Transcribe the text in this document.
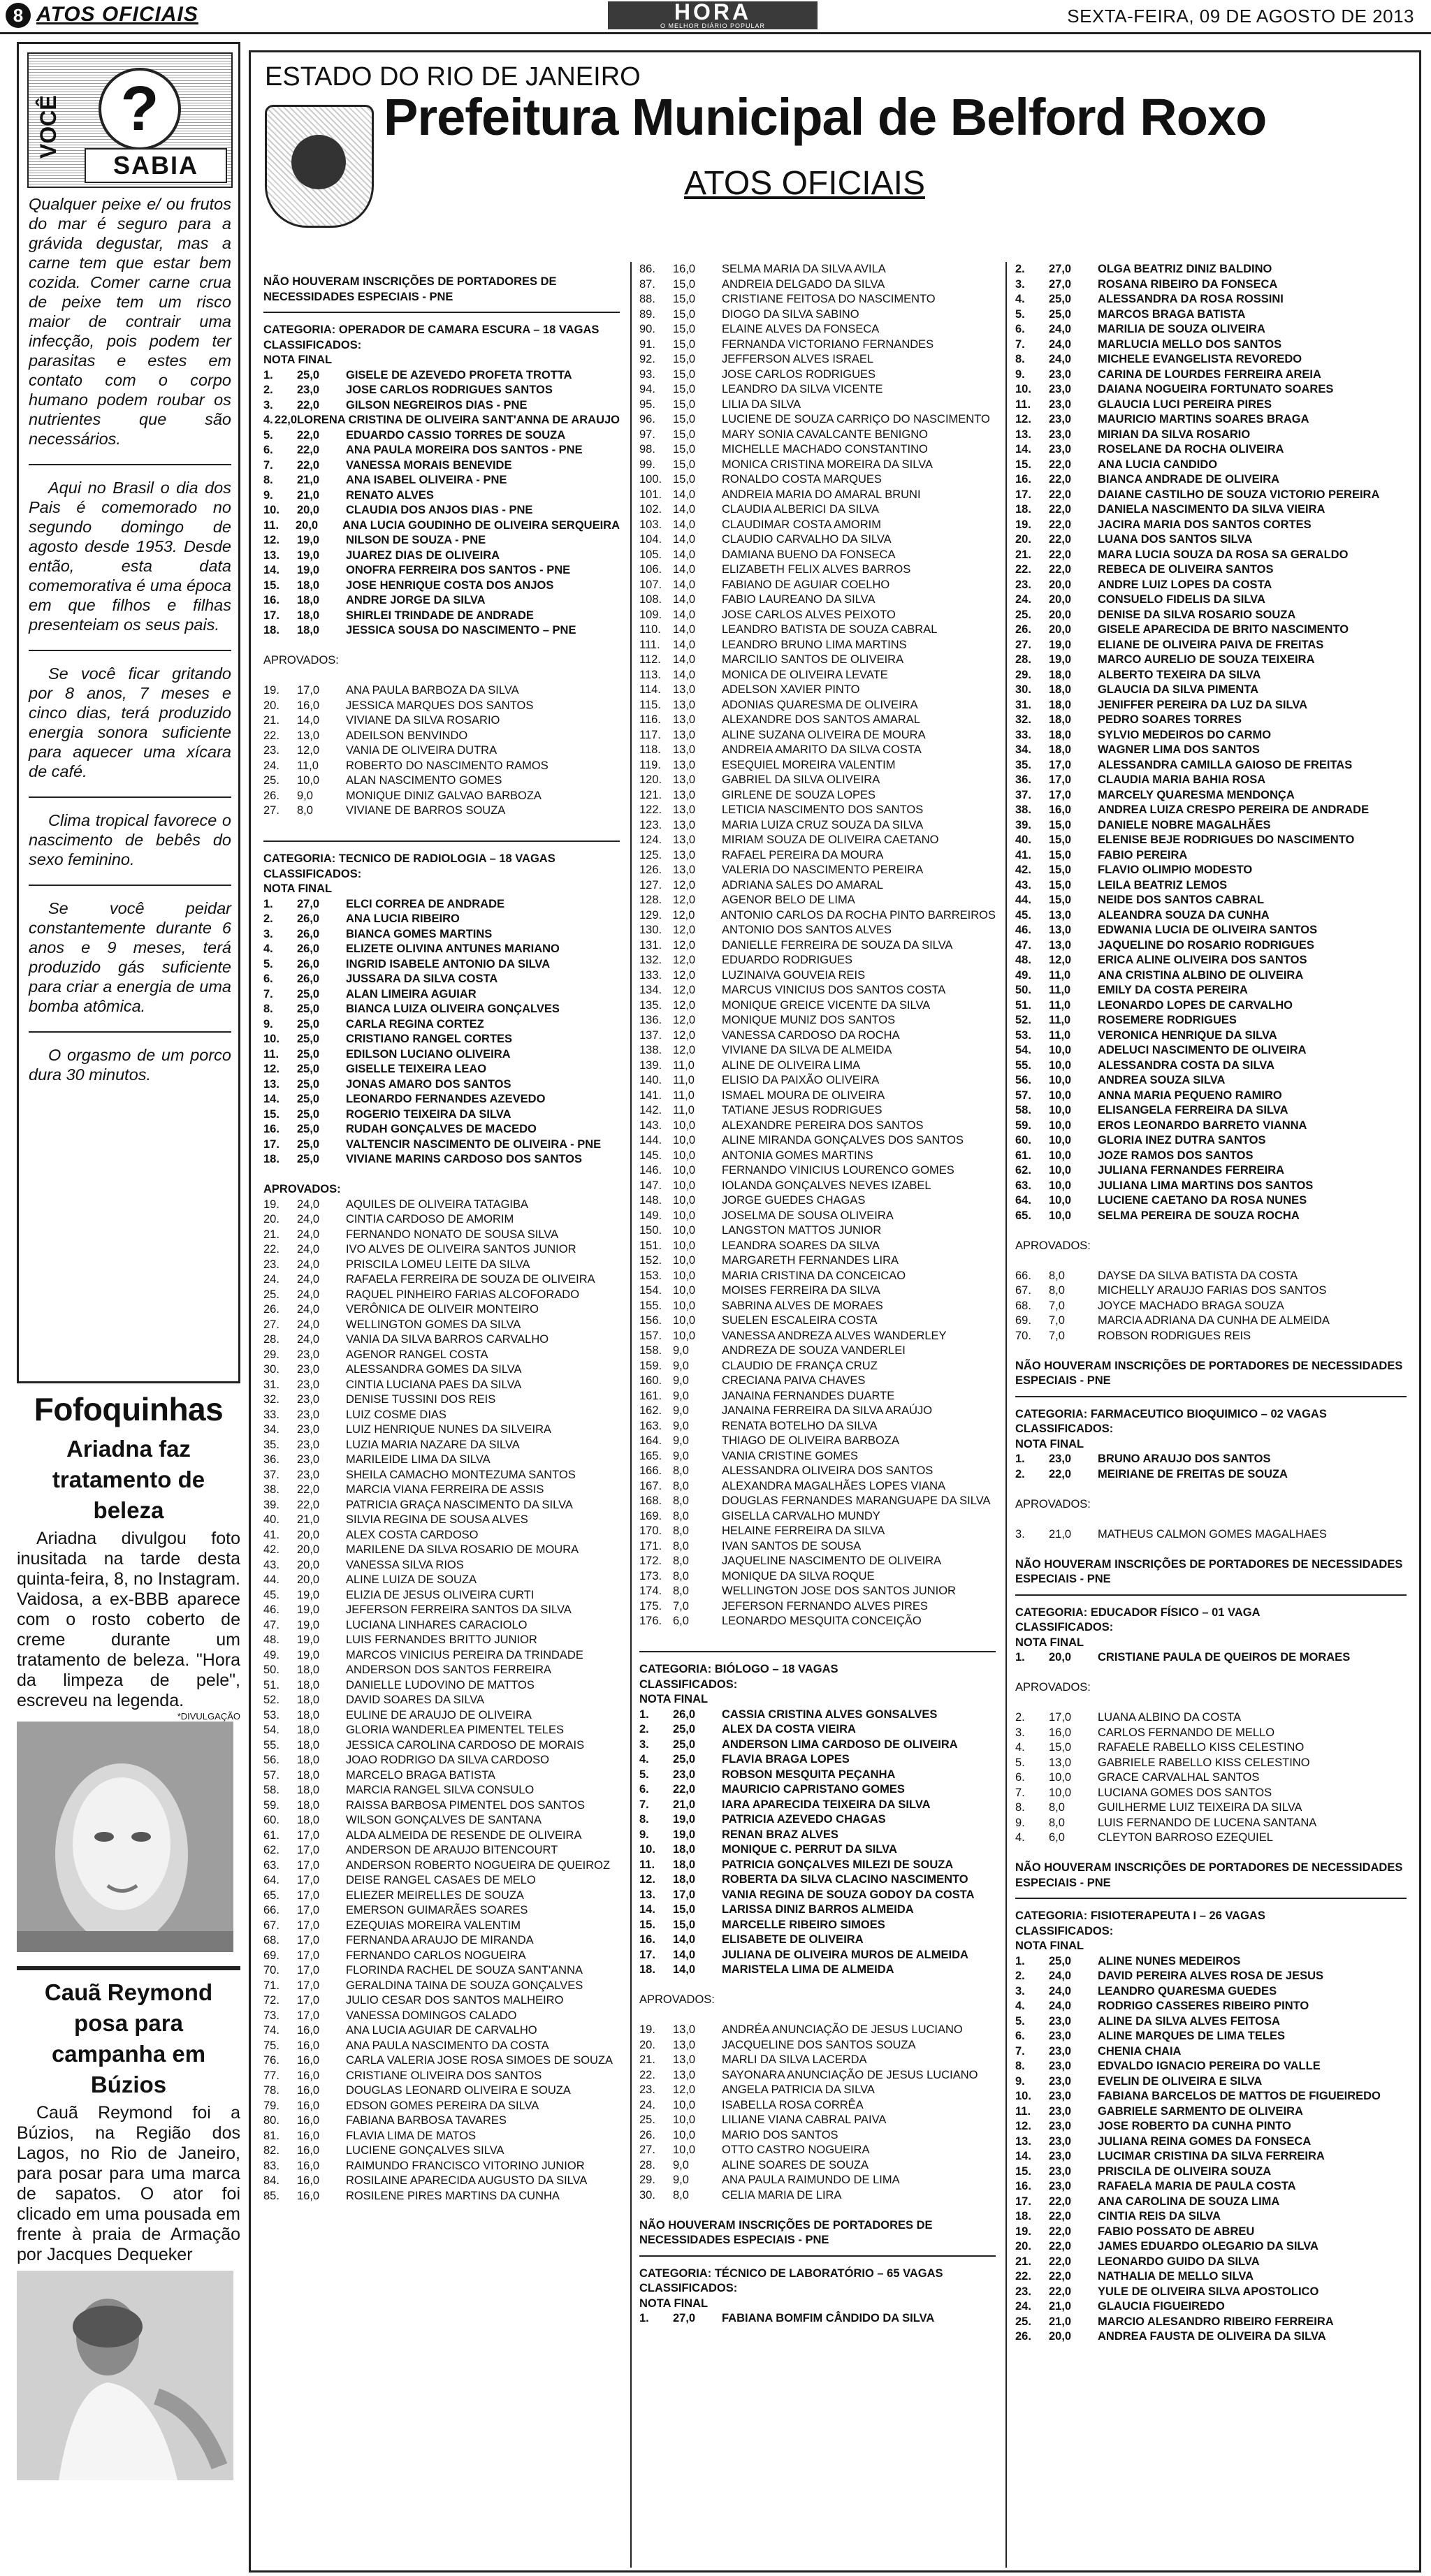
8 ATOS OFICIAIS	HORA
O MELHOR DIÁRIO POPULAR	SEXTA-FEIRA, 09 DE AGOSTO DE 2013
VOCÊ ?
SABIA

Qualquer peixe e/ ou frutos do mar é seguro para a grávida degustar, mas a carne tem que estar bem cozida. Comer carne crua de peixe tem um risco maior de contrair uma infecção, pois podem ter parasitas e estes em contato com o corpo humano podem roubar os nutrientes que são necessários.

Aqui no Brasil o dia dos Pais é comemorado no segundo domingo de agosto desde 1953. Desde então, esta data comemorativa é uma época em que filhos e filhas presenteiam os seus pais.

Se você ficar gritando por 8 anos, 7 meses e cinco dias, terá produzido energia sonora suficiente para aquecer uma xícara de café.

Clima tropical favorece o nascimento de bebês do sexo feminino.

Se você peidar constantemente durante 6 anos e 9 meses, terá produzido gás suficiente para criar a energia de uma bomba atômica.

O orgasmo de um porco dura 30 minutos.

Fofoquinhas
Ariadna faz tratamento de beleza

Ariadna divulgou foto inusitada na tarde desta quinta-feira, 8, no Instagram. Vaidosa, a ex-BBB aparece com o rosto coberto de creme durante um tratamento de beleza. "Hora da limpeza de pele", escreveu na legenda.

*DIVULGAÇÃO
Cauã Reymond posa para campanha em Búzios

Cauã Reymond foi a Búzios, na Região dos Lagos, no Rio de Janeiro, para posar para uma marca de sapatos. O ator foi clicado em uma pousada em frente à praia de Armação por Jacques Dequeker

ESTADO DO RIO DE JANEIRO
Prefeitura Municipal de Belford Roxo
ATOS OFICIAIS
NÃO HOUVERAM INSCRIÇÕES DE PORTADORES DE NECESSIDADES ESPECIAIS - PNE
CATEGORIA: OPERADOR DE CAMARA ESCURA – 18 VAGAS
CLASSIFICADOS:
NOTA FINAL
1.	25,0	GISELE DE AZEVEDO PROFETA TROTTA
2.	23,0	JOSE CARLOS RODRIGUES SANTOS
3.	22,0	GILSON NEGREIROS DIAS - PNE
4. 22,0 LORENA CRISTINA DE OLIVEIRA SANT'ANNA DE ARAUJO
5.	22,0	EDUARDO CASSIO TORRES DE SOUZA
6.	22,0	ANA PAULA MOREIRA DOS SANTOS - PNE
7.	22,0	VANESSA MORAIS BENEVIDE
8.	21,0	ANA ISABEL OLIVEIRA - PNE
9.	21,0	RENATO ALVES
10.	20,0	CLAUDIA DOS ANJOS DIAS - PNE
11.	20,0	ANA LUCIA GOUDINHO DE OLIVEIRA SERQUEIRA
12.	19,0	NILSON DE SOUZA - PNE
13.	19,0	JUAREZ DIAS DE OLIVEIRA
14.	19,0	ONOFRA FERREIRA DOS SANTOS - PNE
15.	18,0	JOSE HENRIQUE COSTA DOS ANJOS
16.	18,0	ANDRE JORGE DA SILVA
17.	18,0	SHIRLEI TRINDADE DE ANDRADE
18.	18,0	JESSICA SOUSA DO NASCIMENTO – PNE
APROVADOS:
19.	17,0	ANA PAULA BARBOZA DA SILVA
20.	16,0	JESSICA MARQUES DOS SANTOS
21.	14,0	VIVIANE DA SILVA ROSARIO
22.	13,0	ADEILSON BENVINDO
23.	12,0	VANIA DE OLIVEIRA DUTRA
24.	11,0	ROBERTO DO NASCIMENTO RAMOS
25.	10,0	ALAN NASCIMENTO GOMES
26.	9,0	MONIQUE DINIZ GALVAO BARBOZA
27.	8,0	VIVIANE DE BARROS SOUZA
CATEGORIA: TECNICO DE RADIOLOGIA – 18 VAGAS
CLASSIFICADOS:
NOTA FINAL
1.	27,0	ELCI CORREA DE ANDRADE
2.	26,0	ANA LUCIA RIBEIRO
3.	26,0	BIANCA GOMES MARTINS
4.	26,0	ELIZETE OLIVINA ANTUNES MARIANO
5.	26,0	INGRID ISABELE ANTONIO DA SILVA
6.	26,0	JUSSARA DA SILVA COSTA
7.	25,0	ALAN LIMEIRA AGUIAR
8.	25,0	BIANCA LUIZA OLIVEIRA GONÇALVES
9.	25,0	CARLA REGINA CORTEZ
10.	25,0	CRISTIANO RANGEL CORTES
11.	25,0	EDILSON LUCIANO OLIVEIRA
12.	25,0	GISELLE TEIXEIRA LEAO
13.	25,0	JONAS AMARO DOS SANTOS
14.	25,0	LEONARDO FERNANDES AZEVEDO
15.	25,0	ROGERIO TEIXEIRA DA SILVA
16.	25,0	RUDAH GONÇALVES DE MACEDO
17.	25,0	VALTENCIR NASCIMENTO DE OLIVEIRA - PNE
18.	25,0	VIVIANE MARINS CARDOSO DOS SANTOS
APROVADOS:
19.	24,0	AQUILES DE OLIVEIRA TATAGIBA
20.	24,0	CINTIA CARDOSO DE AMORIM
21.	24,0	FERNANDO NONATO DE SOUSA SILVA
22.	24,0	IVO ALVES DE OLIVEIRA SANTOS JUNIOR
23.	24,0	PRISCILA LOMEU LEITE DA SILVA
24.	24,0	RAFAELA FERREIRA DE SOUZA DE OLIVEIRA
25.	24,0	RAQUEL PINHEIRO FARIAS ALCOFORADO
26.	24,0	VERÔNICA DE OLIVEIR MONTEIRO
27.	24,0	WELLINGTON GOMES DA SILVA
28.	24,0	VANIA DA SILVA BARROS CARVALHO
29.	23,0	AGENOR RANGEL COSTA
30.	23,0	ALESSANDRA GOMES DA SILVA
31.	23,0	CINTIA LUCIANA PAES DA SILVA
32.	23,0	DENISE TUSSINI DOS REIS
33.	23,0	LUIZ COSME DIAS
34.	23,0	LUIZ HENRIQUE NUNES DA SILVEIRA
35.	23,0	LUZIA MARIA NAZARE DA SILVA
36.	23,0	MARILEIDE LIMA DA SILVA
37.	23,0	SHEILA CAMACHO MONTEZUMA SANTOS
38.	22,0	MARCIA VIANA FERREIRA DE ASSIS
39.	22,0	PATRICIA GRAÇA NASCIMENTO DA SILVA
40.	21,0	SILVIA REGINA DE SOUSA ALVES
41.	20,0	ALEX COSTA CARDOSO
42.	20,0	MARILENE DA SILVA ROSARIO DE MOURA
43.	20,0	VANESSA SILVA RIOS
44.	20,0	ALINE LUIZA DE SOUZA
45.	19,0	ELIZIA DE JESUS OLIVEIRA CURTI
46.	19,0	JEFERSON FERREIRA SANTOS DA SILVA
47.	19,0	LUCIANA LINHARES CARACIOLO
48.	19,0	LUIS FERNANDES BRITTO JUNIOR
49.	19,0	MARCOS VINICIUS PEREIRA DA TRINDADE
50.	18,0	ANDERSON DOS SANTOS FERREIRA
51.	18,0	DANIELLE LUDOVINO DE MATTOS
52.	18,0	DAVID SOARES DA SILVA
53.	18,0	EULINE DE ARAUJO DE OLIVEIRA
54.	18,0	GLORIA WANDERLEA PIMENTEL TELES
55.	18,0	JESSICA CAROLINA CARDOSO DE MORAIS
56.	18,0	JOAO RODRIGO DA SILVA CARDOSO
57.	18,0	MARCELO BRAGA BATISTA
58.	18,0	MARCIA RANGEL SILVA CONSULO
59.	18,0	RAISSA BARBOSA PIMENTEL DOS SANTOS
60.	18,0	WILSON GONÇALVES DE SANTANA
61.	17,0	ALDA ALMEIDA DE RESENDE DE OLIVEIRA
62.	17,0	ANDERSON DE ARAUJO BITENCOURT
63.	17,0	ANDERSON ROBERTO NOGUEIRA DE QUEIROZ
64.	17,0	DEISE RANGEL CASAES DE MELO
65.	17,0	ELIEZER MEIRELLES DE SOUZA
66.	17,0	EMERSON GUIMARÃES SOARES
67.	17,0	EZEQUIAS MOREIRA VALENTIM
68.	17,0	FERNANDA ARAUJO DE MIRANDA
69.	17,0	FERNANDO CARLOS NOGUEIRA
70.	17,0	FLORINDA RACHEL DE SOUZA SANT'ANNA
71.	17,0	GERALDINA TAINA DE SOUZA GONÇALVES
72.	17,0	JULIO CESAR DOS SANTOS MALHEIRO
73.	17,0	VANESSA DOMINGOS CALADO
74.	16,0	ANA LUCIA AGUIAR DE CARVALHO
75.	16,0	ANA PAULA NASCIMENTO DA COSTA
76.	16,0	CARLA VALERIA JOSE ROSA SIMOES DE SOUZA
77.	16,0	CRISTIANE OLIVEIRA DOS SANTOS
78.	16,0	DOUGLAS LEONARD OLIVEIRA E SOUZA
79.	16,0	EDSON GOMES PEREIRA DA SILVA
80.	16,0	FABIANA BARBOSA TAVARES
81.	16,0	FLAVIA LIMA DE MATOS
82.	16,0	LUCIENE GONÇALVES SILVA
83.	16,0	RAIMUNDO FRANCISCO VITORINO JUNIOR
84.	16,0	ROSILAINE APARECIDA AUGUSTO DA SILVA
85.	16,0	ROSILENE PIRES MARTINS DA CUNHA
86.	16,0	SELMA MARIA DA SILVA AVILA
87.	15,0	ANDREIA DELGADO DA SILVA
88.	15,0	CRISTIANE FEITOSA DO NASCIMENTO
89.	15,0	DIOGO DA SILVA SABINO
90.	15,0	ELAINE ALVES DA FONSECA
91.	15,0	FERNANDA VICTORIANO FERNANDES
92.	15,0	JEFFERSON ALVES ISRAEL
93.	15,0	JOSE CARLOS RODRIGUES
94.	15,0	LEANDRO DA SILVA VICENTE
95.	15,0	LILIA DA SILVA
96.	15,0	LUCIENE DE SOUZA CARRIÇO DO NASCIMENTO
97.	15,0	MARY SONIA CAVALCANTE BENIGNO
98.	15,0	MICHELLE MACHADO CONSTANTINO
99.	15,0	MONICA CRISTINA MOREIRA DA SILVA
100. 15,0	RONALDO COSTA MARQUES
101. 14,0	ANDREIA MARIA DO AMARAL BRUNI
102. 14,0	CLAUDIA ALBERICI DA SILVA
103. 14,0	CLAUDIMAR COSTA AMORIM
104. 14,0	CLAUDIO CARVALHO DA SILVA
105. 14,0	DAMIANA BUENO DA FONSECA
106. 14,0	ELIZABETH FELIX ALVES BARROS
107. 14,0	FABIANO DE AGUIAR COELHO
108. 14,0	FABIO LAUREANO DA SILVA
109. 14,0	JOSE CARLOS ALVES PEIXOTO
110.	14,0	LEANDRO BATISTA DE SOUZA CABRAL
111.	14,0	LEANDRO BRUNO LIMA MARTINS
112.	14,0	MARCILIO SANTOS DE OLIVEIRA
113.	14,0	MONICA DE OLIVEIRA LEVATE
114.	13,0	ADELSON XAVIER PINTO
115.	13,0	ADONIAS QUARESMA DE OLIVEIRA
116.	13,0	ALEXANDRE DOS SANTOS AMARAL
117.	13,0	ALINE SUZANA OLIVEIRA DE MOURA
118.	13,0	ANDREIA AMARITO DA SILVA COSTA
119.	13,0	ESEQUIEL MOREIRA VALENTIM
120. 13,0	GABRIEL DA SILVA OLIVEIRA
121. 13,0	GIRLENE DE SOUZA LOPES
122. 13,0	LETICIA NASCIMENTO DOS SANTOS
123. 13,0	MARIA LUIZA CRUZ SOUZA DA SILVA
124. 13,0	MIRIAM SOUZA DE OLIVEIRA CAETANO
125. 13,0	RAFAEL PEREIRA DA MOURA
126. 13,0	VALERIA DO NASCIMENTO PEREIRA
127. 12,0	ADRIANA SALES DO AMARAL
128. 12,0	AGENOR BELO DE LIMA
129. 12,0	ANTONIO CARLOS DA ROCHA PINTO BARREIROS
130. 12,0	ANTONIO DOS SANTOS ALVES
131. 12,0	DANIELLE FERREIRA DE SOUZA DA SILVA
132. 12,0	EDUARDO RODRIGUES
133. 12,0	LUZINAIVA GOUVEIA REIS
134. 12,0	MARCUS VINICIUS DOS SANTOS COSTA
135. 12,0	MONIQUE GREICE VICENTE DA SILVA
136. 12,0	MONIQUE MUNIZ DOS SANTOS
137. 12,0	VANESSA CARDOSO DA ROCHA
138. 12,0	VIVIANE DA SILVA DE ALMEIDA
139. 11,0	ALINE DE OLIVEIRA LIMA
140. 11,0	ELISIO DA PAIXÃO OLIVEIRA
141. 11,0	ISMAEL MOURA DE OLIVEIRA
142. 11,0	TATIANE JESUS RODRIGUES
143. 10,0	ALEXANDRE PEREIRA DOS SANTOS
144. 10,0	ALINE MIRANDA GONÇALVES DOS SANTOS
145. 10,0	ANTONIA GOMES MARTINS
146. 10,0	FERNANDO VINICIUS LOURENCO GOMES
147. 10,0	IOLANDA GONÇALVES NEVES IZABEL
148. 10,0	JORGE GUEDES CHAGAS
149. 10,0	JOSELMA DE SOUSA OLIVEIRA
150. 10,0	LANGSTON MATTOS JUNIOR
151. 10,0	LEANDRA SOARES DA SILVA
152. 10,0	MARGARETH FERNANDES LIRA
153. 10,0	MARIA CRISTINA DA CONCEICAO
154. 10,0	MOISES FERREIRA DA SILVA
155. 10,0	SABRINA ALVES DE MORAES
156. 10,0	SUELEN ESCALEIRA COSTA
157. 10,0	VANESSA ANDREZA ALVES WANDERLEY
158. 9,0	ANDREZA DE SOUZA VANDERLEI
159. 9,0	CLAUDIO DE FRANÇA CRUZ
160. 9,0	CRECIANA PAIVA CHAVES
161. 9,0	JANAINA FERNANDES DUARTE
162. 9,0	JANAINA FERREIRA DA SILVA ARAÚJO
163. 9,0	RENATA BOTELHO DA SILVA
164. 9,0	THIAGO DE OLIVEIRA BARBOZA
165. 9,0	VANIA CRISTINE GOMES
166. 8,0	ALESSANDRA OLIVEIRA DOS SANTOS
167. 8,0	ALEXANDRA MAGALHÃES LOPES VIANA
168. 8,0	DOUGLAS FERNANDES MARANGUAPE DA SILVA
169. 8,0	GISELLA CARVALHO MUNDY
170. 8,0	HELAINE FERREIRA DA SILVA
171. 8,0	IVAN SANTOS DE SOUSA
172. 8,0	JAQUELINE NASCIMENTO DE OLIVEIRA
173. 8,0	MONIQUE DA SILVA ROQUE
174. 8,0	WELLINGTON JOSE DOS SANTOS JUNIOR
175. 7,0	JEFERSON FERNANDO ALVES PIRES
176. 6,0	LEONARDO MESQUITA CONCEIÇÃO
CATEGORIA: BIÓLOGO – 18 VAGAS
CLASSIFICADOS:
NOTA FINAL
1.	26,0	CASSIA CRISTINA ALVES GONSALVES
2.	25,0	ALEX DA COSTA VIEIRA
3.	25,0	ANDERSON LIMA CARDOSO DE OLIVEIRA
4.	25,0	FLAVIA BRAGA LOPES
5.	23,0	ROBSON MESQUITA PEÇANHA
6.	22,0	MAURICIO CAPRISTANO GOMES
7.	21,0	IARA APARECIDA TEIXEIRA DA SILVA
8.	19,0	PATRICIA AZEVEDO CHAGAS
9.	19,0	RENAN BRAZ ALVES
10.	18,0	MONIQUE C. PERRUT DA SILVA
11.	18,0	PATRICIA GONÇALVES MILEZI DE SOUZA
12.	18,0	ROBERTA DA SILVA CLACINO NASCIMENTO
13.	17,0	VANIA REGINA DE SOUZA GODOY DA COSTA
14.	15,0	LARISSA DINIZ BARROS ALMEIDA
15.	15,0	MARCELLE RIBEIRO SIMOES
16.	14,0	ELISABETE DE OLIVEIRA
17.	14,0	JULIANA DE OLIVEIRA MUROS DE ALMEIDA
18.	14,0	MARISTELA LIMA DE ALMEIDA
APROVADOS:
19.	13,0	ANDRÉA ANUNCIAÇÃO DE JESUS LUCIANO
20.	13,0	JACQUELINE DOS SANTOS SOUZA
21.	13,0	MARLI DA SILVA LACERDA
22.	13,0	SAYONARA ANUNCIAÇÃO DE JESUS LUCIANO
23.	12,0	ANGELA PATRICIA DA SILVA
24.	10,0	ISABELLA ROSA CORRÊA
25.	10,0	LILIANE VIANA CABRAL PAIVA
26.	10,0	MARIO DOS SANTOS
27.	10,0	OTTO CASTRO NOGUEIRA
28.	9,0	ALINE SOARES DE SOUZA
29.	9,0	ANA PAULA RAIMUNDO DE LIMA
30.	8,0	CELIA MARIA DE LIRA
NÃO HOUVERAM INSCRIÇÕES DE PORTADORES DE NECESSIDADES ESPECIAIS - PNE
CATEGORIA: TÉCNICO DE LABORATÓRIO – 65 VAGAS
CLASSIFICADOS:
NOTA FINAL
1.	27,0	FABIANA BOMFIM CÂNDIDO DA SILVA
2.	27,0	OLGA BEATRIZ DINIZ BALDINO
3.	27,0	ROSANA RIBEIRO DA FONSECA
4.	25,0	ALESSANDRA DA ROSA ROSSINI
5.	25,0	MARCOS BRAGA BATISTA
6.	24,0	MARILIA DE SOUZA OLIVEIRA
7.	24,0	MARLUCIA MELLO DOS SANTOS
8.	24,0	MICHELE EVANGELISTA REVOREDO
9.	23,0	CARINA DE LOURDES FERREIRA AREIA
10.	23,0	DAIANA NOGUEIRA FORTUNATO SOARES
11.	23,0	GLAUCIA LUCI PEREIRA PIRES
12.	23,0	MAURICIO MARTINS SOARES BRAGA
13.	23,0	MIRIAN DA SILVA ROSARIO
14.	23,0	ROSELANE DA ROCHA OLIVEIRA
15.	22,0	ANA LUCIA CANDIDO
16.	22,0	BIANCA ANDRADE DE OLIVEIRA
17.	22,0	DAIANE CASTILHO DE SOUZA VICTORIO PEREIRA
18.	22,0	DANIELA NASCIMENTO DA SILVA VIEIRA
19.	22,0	JACIRA MARIA DOS SANTOS CORTES
20.	22,0	LUANA DOS SANTOS SILVA
21.	22,0	MARA LUCIA SOUZA DA ROSA SA GERALDO
22.	22,0	REBECA DE OLIVEIRA SANTOS
23.	20,0	ANDRE LUIZ LOPES DA COSTA
24.	20,0	CONSUELO FIDELIS DA SILVA
25.	20,0	DENISE DA SILVA ROSARIO SOUZA
26.	20,0	GISELE APARECIDA DE BRITO NASCIMENTO
27.	19,0	ELIANE DE OLIVEIRA PAIVA DE FREITAS
28.	19,0	MARCO AURELIO DE SOUZA TEIXEIRA
29.	18,0	ALBERTO TEXEIRA DA SILVA
30.	18,0	GLAUCIA DA SILVA PIMENTA
31.	18,0	JENIFFER PEREIRA DA LUZ DA SILVA
32.	18,0	PEDRO SOARES TORRES
33.	18,0	SYLVIO MEDEIROS DO CARMO
34.	18,0	WAGNER LIMA DOS SANTOS
35.	17,0	ALESSANDRA CAMILLA GAIOSO DE FREITAS
36.	17,0	CLAUDIA MARIA BAHIA ROSA
37.	17,0	MARCELY QUARESMA MENDONÇA
38.	16,0	ANDREA LUIZA CRESPO PEREIRA DE ANDRADE
39.	15,0	DANIELE NOBRE MAGALHÃES
40.	15,0	ELENISE BEJE RODRIGUES DO NASCIMENTO
41.	15,0	FABIO PEREIRA
42.	15,0	FLAVIO OLIMPIO MODESTO
43.	15,0	LEILA BEATRIZ LEMOS
44.	15,0	NEIDE DOS SANTOS CABRAL
45.	13,0	ALEANDRA SOUZA DA CUNHA
46.	13,0	EDWANIA LUCIA DE OLIVEIRA SANTOS
47.	13,0	JAQUELINE DO ROSARIO RODRIGUES
48.	12,0	ERICA ALINE OLIVEIRA DOS SANTOS
49.	11,0	ANA CRISTINA ALBINO DE OLIVEIRA
50.	11,0	EMILY DA COSTA PEREIRA
51.	11,0	LEONARDO LOPES DE CARVALHO
52.	11,0	ROSEMERE RODRIGUES
53.	11,0	VERONICA HENRIQUE DA SILVA
54.	10,0	ADELUCI NASCIMENTO DE OLIVEIRA
55.	10,0	ALESSANDRA COSTA DA SILVA
56.	10,0	ANDREA SOUZA SILVA
57.	10,0	ANNA MARIA PEQUENO RAMIRO
58.	10,0	ELISANGELA FERREIRA DA SILVA
59.	10,0	EROS LEONARDO BARRETO VIANNA
60.	10,0	GLORIA INEZ DUTRA SANTOS
61.	10,0	JOZE RAMOS DOS SANTOS
62.	10,0	JULIANA FERNANDES FERREIRA
63.	10,0	JULIANA LIMA MARTINS DOS SANTOS
64.	10,0	LUCIENE CAETANO DA ROSA NUNES
65.	10,0	SELMA PEREIRA DE SOUZA ROCHA
APROVADOS:
66.	8,0	DAYSE DA SILVA BATISTA DA COSTA
67.	8,0	MICHELLY ARAUJO FARIAS DOS SANTOS
68.	7,0	JOYCE MACHADO BRAGA SOUZA
69.	7,0	MARCIA ADRIANA DA CUNHA DE ALMEIDA
70.	7,0	ROBSON RODRIGUES REIS
NÃO HOUVERAM INSCRIÇÕES DE PORTADORES DE NECESSIDADES ESPECIAIS - PNE
CATEGORIA: FARMACEUTICO BIOQUIMICO – 02 VAGAS
CLASSIFICADOS:
NOTA FINAL
1.	23,0	BRUNO ARAUJO DOS SANTOS
2.	22,0	MEIRIANE DE FREITAS DE SOUZA
APROVADOS:
3.	21,0	MATHEUS CALMON GOMES MAGALHAES
NÃO HOUVERAM INSCRIÇÕES DE PORTADORES DE NECESSIDADES ESPECIAIS - PNE
CATEGORIA: EDUCADOR FÍSICO – 01 VAGA
CLASSIFICADOS:
NOTA FINAL
1.	20,0	CRISTIANE PAULA DE QUEIROS DE MORAES
APROVADOS:
2.	17,0	LUANA ALBINO DA COSTA
3.	16,0	CARLOS FERNANDO DE MELLO
4.	15,0	RAFAELE RABELLO KISS CELESTINO
5.	13,0	GABRIELE RABELLO KISS CELESTINO
6.	10,0	GRACE CARVALHAL SANTOS
7.	10,0	LUCIANA GOMES DOS SANTOS
8.	8,0	GUILHERME LUIZ TEIXEIRA DA SILVA
9.	8,0	LUIS FERNANDO DE LUCENA SANTANA
4.	6,0	CLEYTON BARROSO EZEQUIEL
NÃO HOUVERAM INSCRIÇÕES DE PORTADORES DE NECESSIDADES ESPECIAIS - PNE
CATEGORIA: FISIOTERAPEUTA I – 26 VAGAS
CLASSIFICADOS:
NOTA FINAL
1.	25,0	ALINE NUNES MEDEIROS
2.	24,0	DAVID PEREIRA ALVES ROSA DE JESUS
3.	24,0	LEANDRO QUARESMA GUEDES
4.	24,0	RODRIGO CASSERES RIBEIRO PINTO
5.	23,0	ALINE DA SILVA ALVES FEITOSA
6.	23,0	ALINE MARQUES DE LIMA TELES
7.	23,0	CHENIA CHAIA
8.	23,0	EDVALDO IGNACIO PEREIRA DO VALLE
9.	23,0	EVELIN DE OLIVEIRA E SILVA
10.	23,0	FABIANA BARCELOS DE MATTOS DE FIGUEIREDO
11.	23,0	GABRIELE SARMENTO DE OLIVEIRA
12.	23,0	JOSE ROBERTO DA CUNHA PINTO
13.	23,0	JULIANA REINA GOMES DA FONSECA
14.	23,0	LUCIMAR CRISTINA DA SILVA FERREIRA
15.	23,0	PRISCILA DE OLIVEIRA SOUZA
16.	23,0	RAFAELA MARIA DE PAULA COSTA
17.	22,0	ANA CAROLINA DE SOUZA LIMA
18.	22,0	CINTIA REIS DA SILVA
19.	22,0	FABIO POSSATO DE ABREU
20.	22,0	JAMES EDUARDO OLEGARIO DA SILVA
21.	22,0	LEONARDO GUIDO DA SILVA
22.	22,0	NATHALIA DE MELLO SILVA
23.	22,0	YULE DE OLIVEIRA SILVA APOSTOLICO
24.	21,0	GLAUCIA FIGUEIREDO
25.	21,0	MARCIO ALESANDRO RIBEIRO FERREIRA
26.	20,0	ANDREA FAUSTA DE OLIVEIRA DA SILVA
